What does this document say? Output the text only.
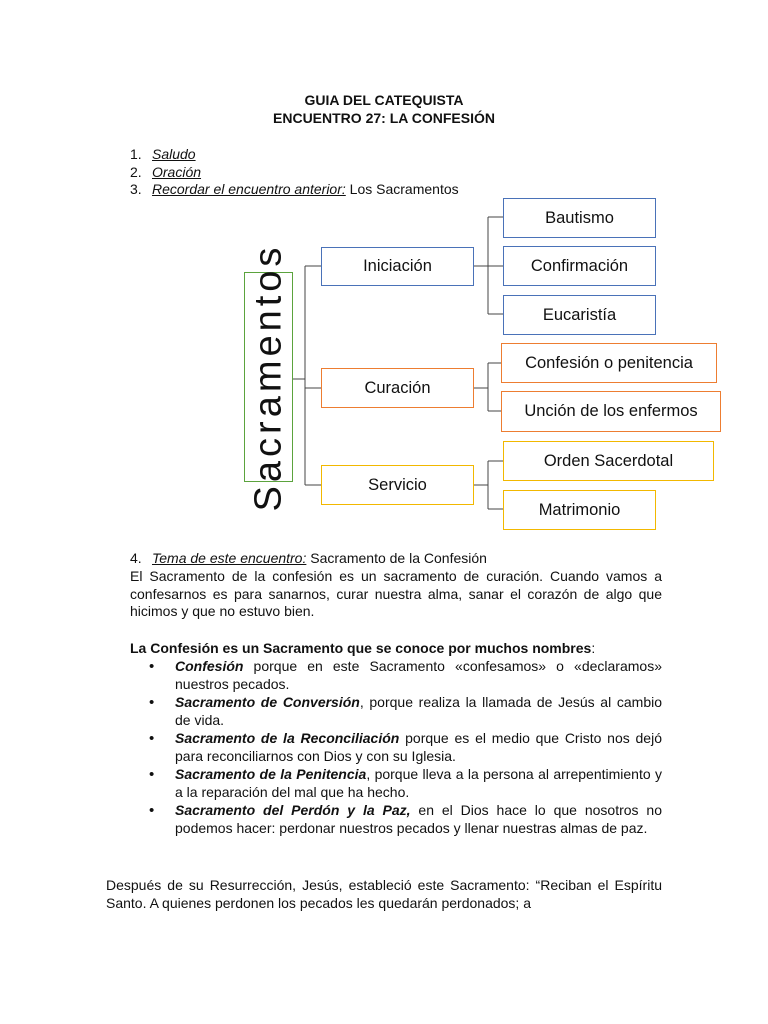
GUIA DEL CATEQUISTA
ENCUENTRO 27: LA CONFESIÓN
1. Saludo
2. Oración
3. Recordar el encuentro anterior: Los Sacramentos
Sacramentos	Iniciación
Curación
Servicio
Bautismo
Confirmación
Eucaristía
Confesión o penitencia
Unción de los enfermos
Orden Sacerdotal
Matrimonio
4. Tema de este encuentro: Sacramento de la Confesión

El Sacramento de la confesión es un sacramento de curación. Cuando vamos a confesarnos es para sanarnos, curar nuestra alma, sanar el corazón de algo que hicimos y que no estuvo bien.

La Confesión es un Sacramento que se conoce por muchos nombres:
• Confesión porque en este Sacramento «confesamos» o «declaramos» nuestros pecados.
• Sacramento de Conversión, porque realiza la llamada de Jesús al cambio de vida.
• Sacramento de la Reconciliación porque es el medio que Cristo nos dejó para reconciliarnos con Dios y con su Iglesia.
• Sacramento de la Penitencia, porque lleva a la persona al arrepentimiento y a la reparación del mal que ha hecho.
• Sacramento del Perdón y la Paz, en el Dios hace lo que nosotros no podemos hacer: perdonar nuestros pecados y llenar nuestras almas de paz.
Después de su Resurrección, Jesús, estableció este Sacramento: “Reciban el Espíritu Santo. A quienes perdonen los pecados les quedarán perdonados; a
